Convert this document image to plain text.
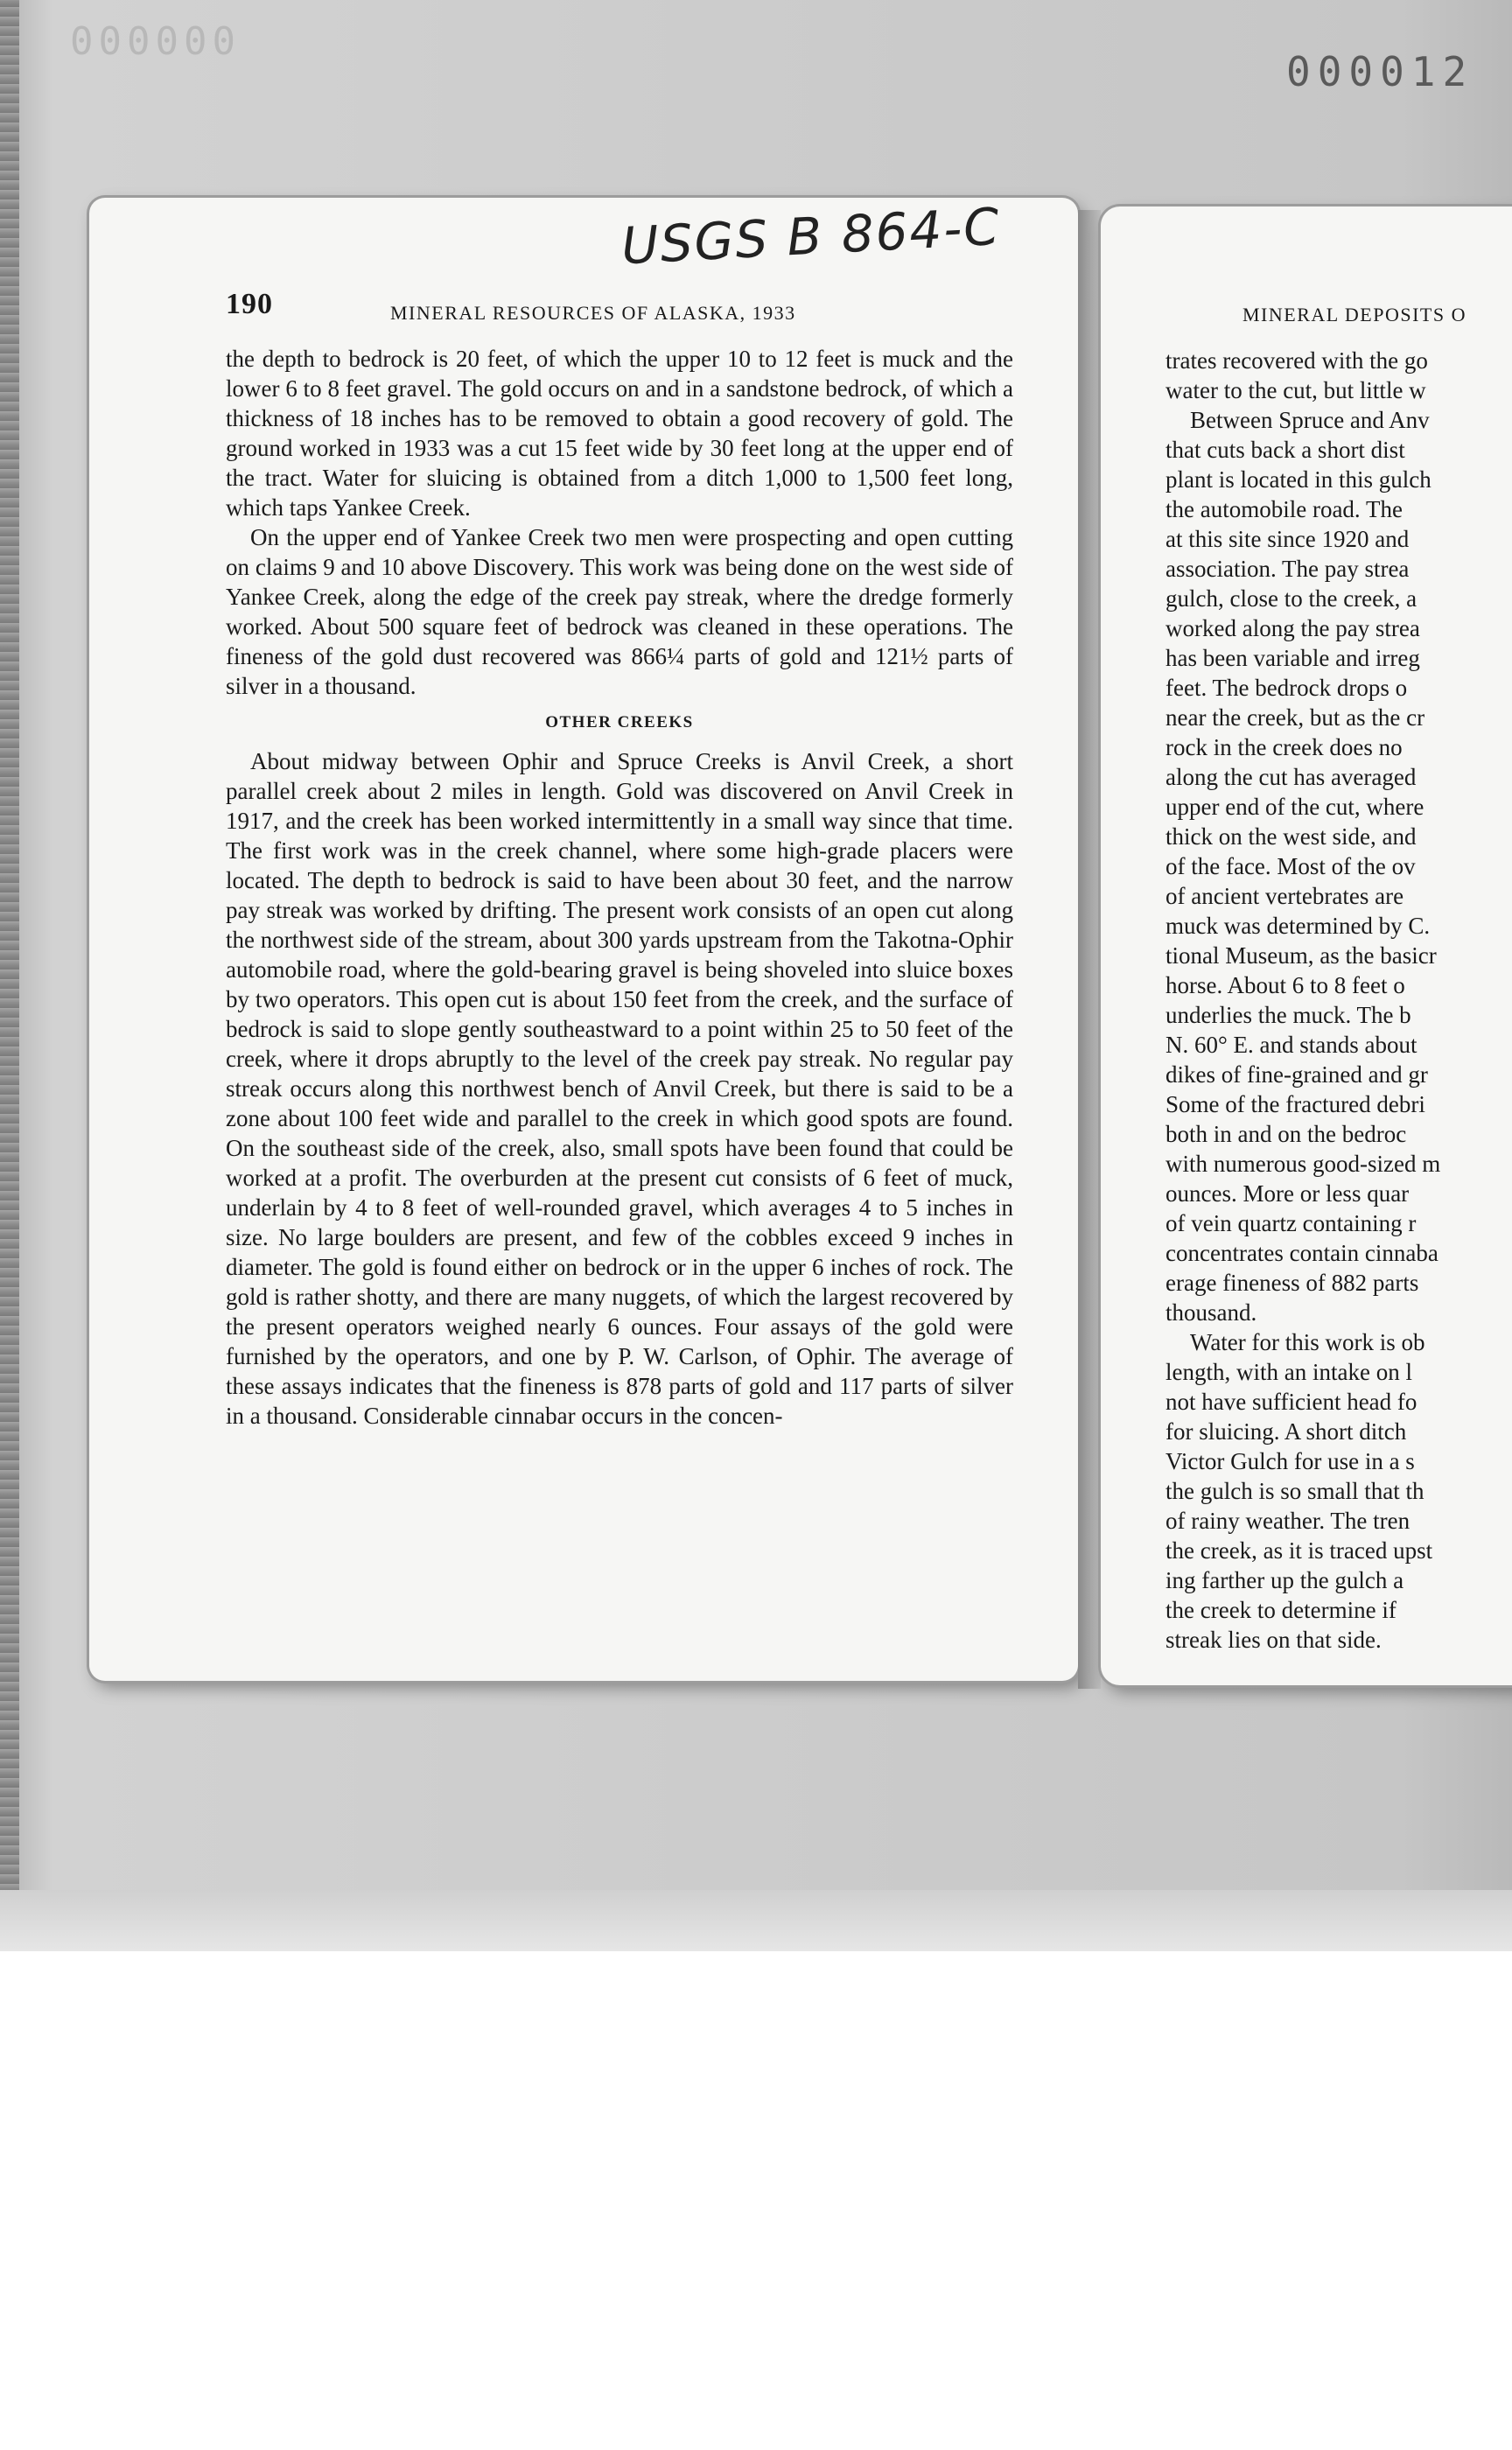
000000
000012
USGS B 864-C
190	MINERAL RESOURCES OF ALASKA, 1933

the depth to bedrock is 20 feet, of which the upper 10 to 12 feet is muck and the lower 6 to 8 feet gravel. The gold occurs on and in a sandstone bedrock, of which a thickness of 18 inches has to be removed to obtain a good recovery of gold. The ground worked in 1933 was a cut 15 feet wide by 30 feet long at the upper end of the tract. Water for sluicing is obtained from a ditch 1,000 to 1,500 feet long, which taps Yankee Creek.

On the upper end of Yankee Creek two men were prospecting and open cutting on claims 9 and 10 above Discovery. This work was being done on the west side of Yankee Creek, along the edge of the creek pay streak, where the dredge formerly worked. About 500 square feet of bedrock was cleaned in these operations. The fineness of the gold dust recovered was 866¼ parts of gold and 121½ parts of silver in a thousand.

OTHER CREEKS

About midway between Ophir and Spruce Creeks is Anvil Creek, a short parallel creek about 2 miles in length. Gold was discovered on Anvil Creek in 1917, and the creek has been worked intermittently in a small way since that time. The first work was in the creek channel, where some high-grade placers were located. The depth to bedrock is said to have been about 30 feet, and the narrow pay streak was worked by drifting. The present work consists of an open cut along the northwest side of the stream, about 300 yards upstream from the Takotna-Ophir automobile road, where the gold-bearing gravel is being shoveled into sluice boxes by two operators. This open cut is about 150 feet from the creek, and the surface of bedrock is said to slope gently southeastward to a point within 25 to 50 feet of the creek, where it drops abruptly to the level of the creek pay streak. No regular pay streak occurs along this northwest bench of Anvil Creek, but there is said to be a zone about 100 feet wide and parallel to the creek in which good spots are found. On the southeast side of the creek, also, small spots have been found that could be worked at a profit. The overburden at the present cut consists of 6 feet of muck, underlain by 4 to 8 feet of well-rounded gravel, which averages 4 to 5 inches in size. No large boulders are present, and few of the cobbles exceed 9 inches in diameter. The gold is found either on bedrock or in the upper 6 inches of rock. The gold is rather shotty, and there are many nuggets, of which the largest recovered by the present operators weighed nearly 6 ounces. Four assays of the gold were furnished by the operators, and one by P. W. Carlson, of Ophir. The average of these assays indicates that the fineness is 878 parts of gold and 117 parts of silver in a thousand. Considerable cinnabar occurs in the concen-

MINERAL DEPOSITS O
trates recovered with the go
water to the cut, but little w
Between Spruce and Anv
that cuts back a short dist
plant is located in this gulch
the automobile road. The
at this site since 1920 and
association. The pay strea
gulch, close to the creek, a
worked along the pay strea
has been variable and irreg
feet. The bedrock drops o
near the creek, but as the cr
rock in the creek does no
along the cut has averaged
upper end of the cut, where
thick on the west side, and
of the face. Most of the ov
of ancient vertebrates are
muck was determined by C.
tional Museum, as the basicr
horse. About 6 to 8 feet o
underlies the muck. The b
N. 60° E. and stands about
dikes of fine-grained and gr
Some of the fractured debri
both in and on the bedroc
with numerous good-sized m
ounces. More or less quar
of vein quartz containing r
concentrates contain cinnaba
erage fineness of 882 parts
thousand.
Water for this work is ob
length, with an intake on l
not have sufficient head fo
for sluicing. A short ditch
Victor Gulch for use in a s
the gulch is so small that th
of rainy weather. The tren
the creek, as it is traced upst
ing farther up the gulch a
the creek to determine if
streak lies on that side.
